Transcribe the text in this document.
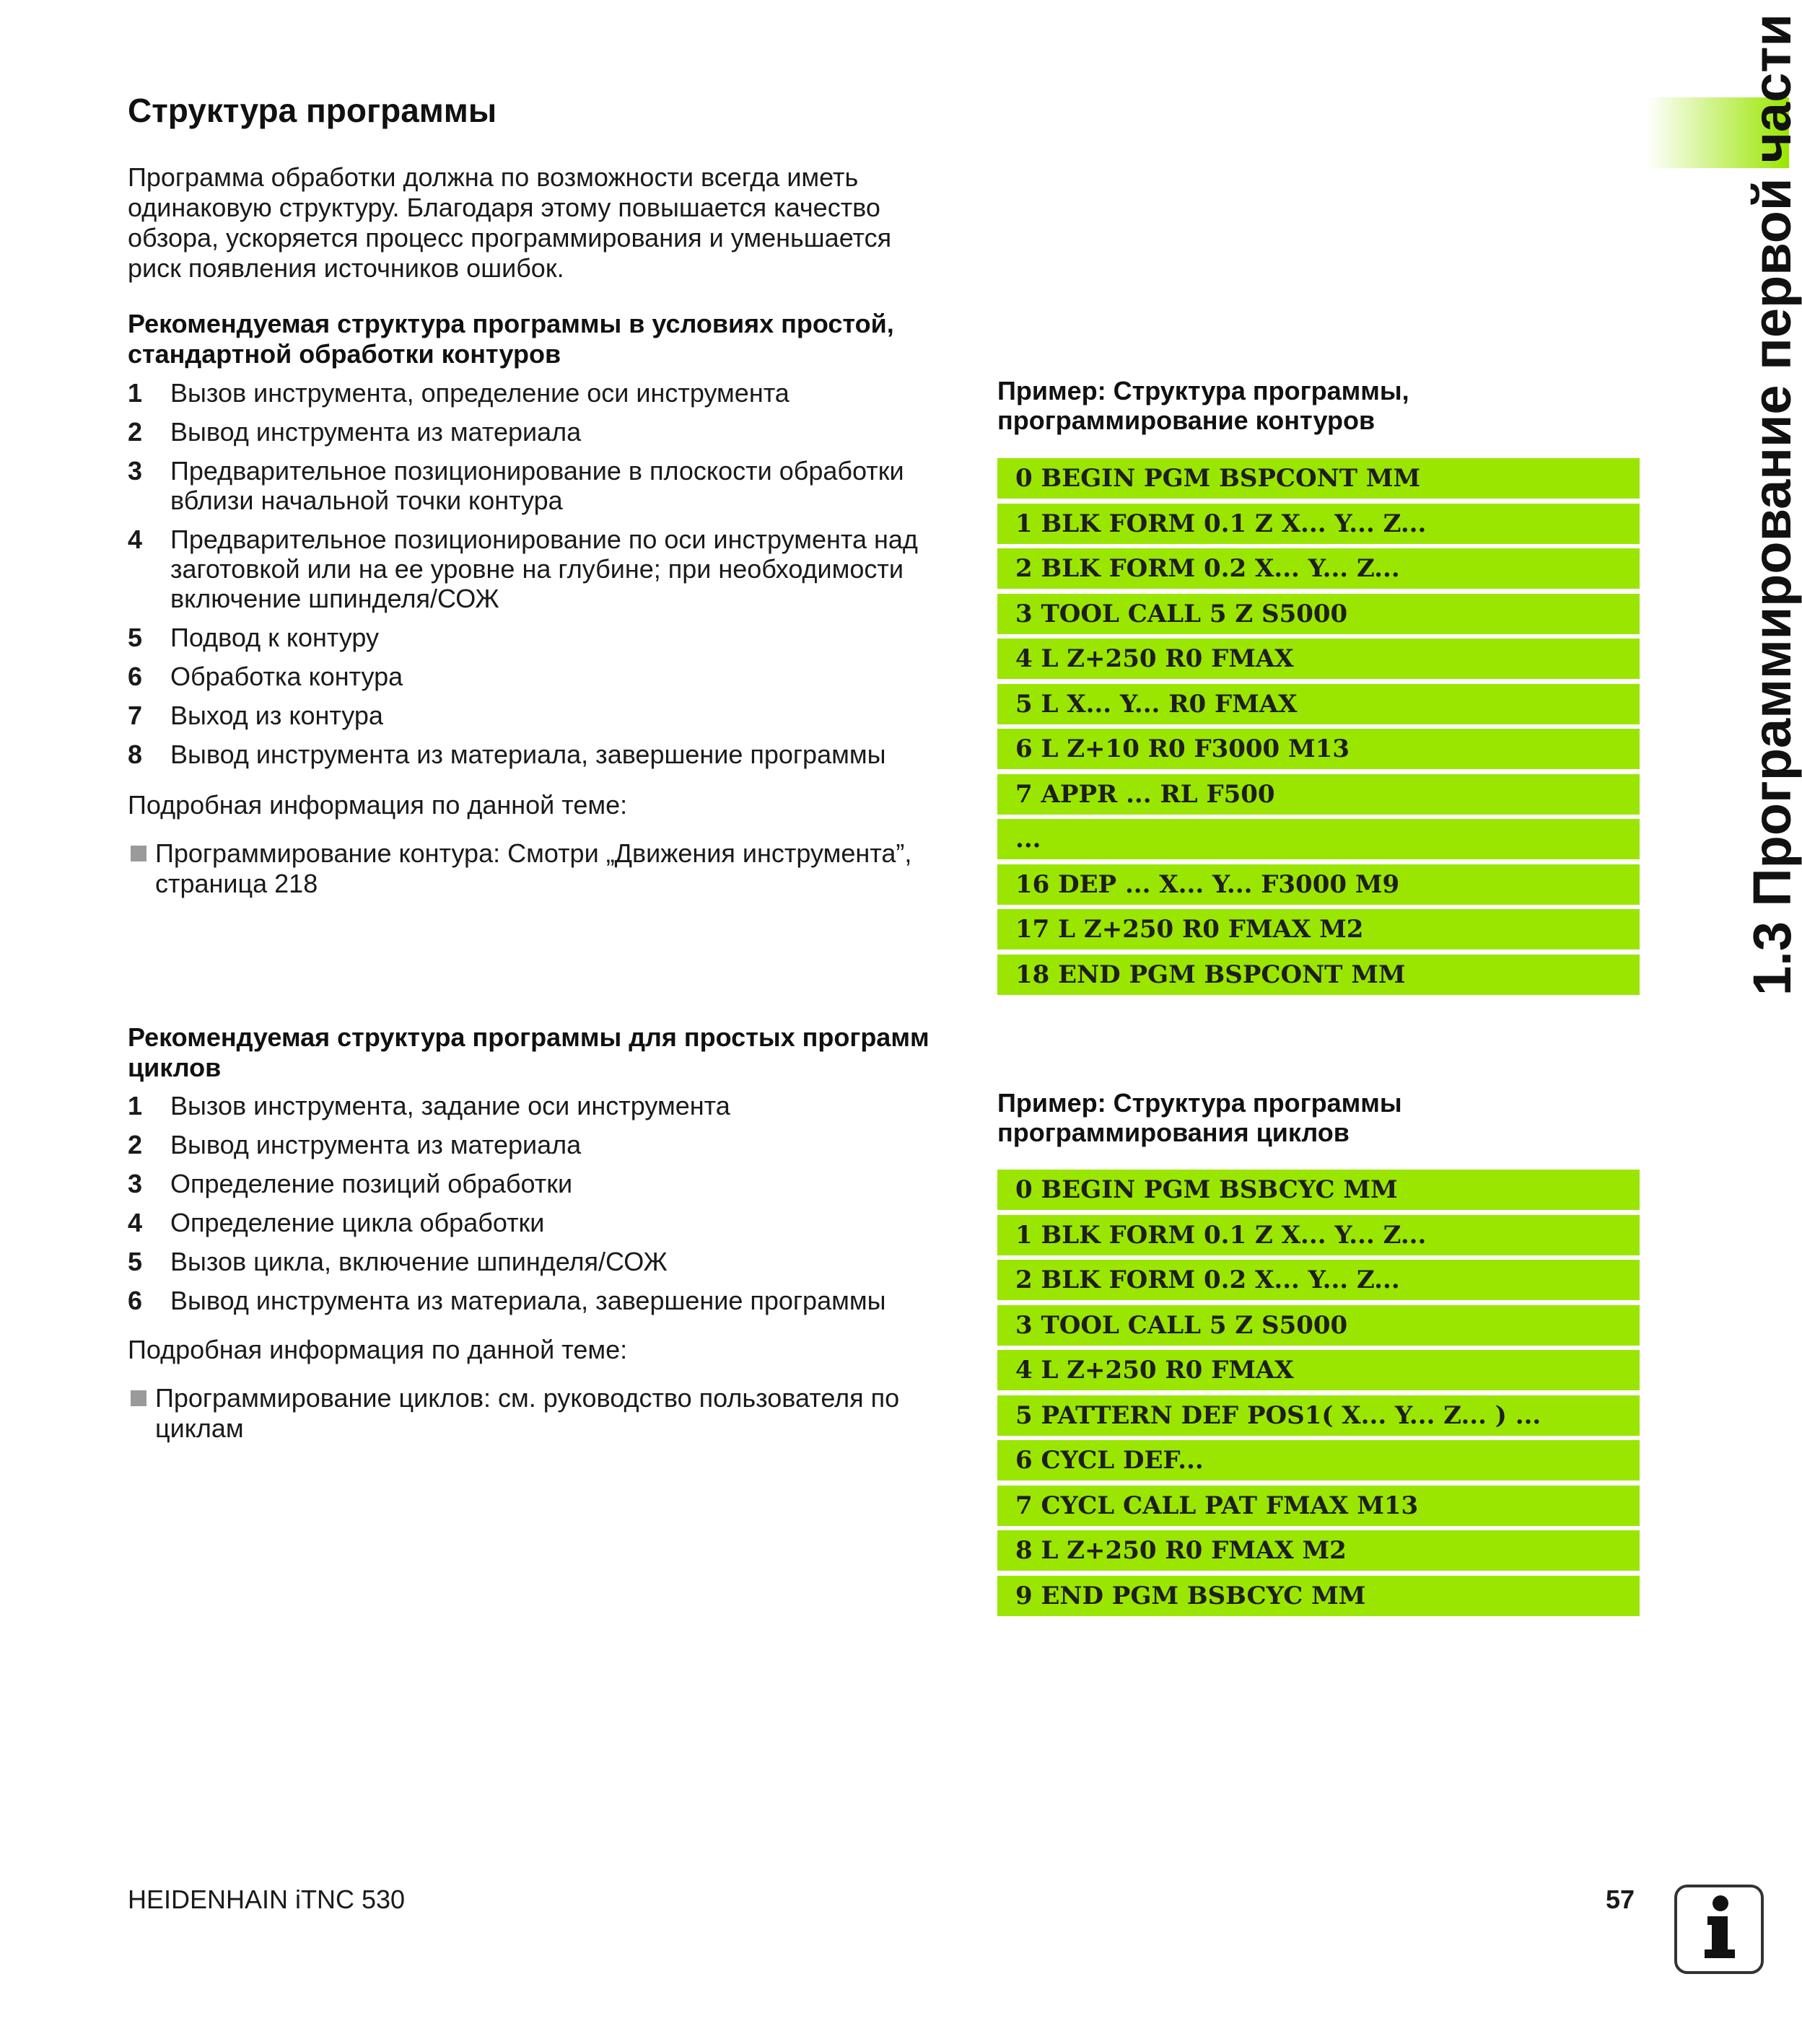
Структура программы
Программа обработки должна по возможности всегда иметь одинаковую структуру. Благодаря этому повышается качество обзора, ускоряется процесс программирования и уменьшается риск появления источников ошибок.
Рекомендуемая структура программы в условиях простой, стандартной обработки контуров
1	Вызов инструмента, определение оси инструмента
2	Вывод инструмента из материала
3	Предварительное позиционирование в плоскости обработки вблизи начальной точки контура
4	Предварительное позиционирование по оси инструмента над заготовкой или на ее уровне на глубине; при необходимости включение шпинделя/СОЖ
5	Подвод к контуру
6	Обработка контура
7	Выход из контура
8	Вывод инструмента из материала, завершение программы
Подробная информация по данной теме:
Программирование контура: Смотри „Движения инструмента”, страница 218
Пример: Структура программы, программирование контуров
0 BEGIN PGM BSPCONT MM
1 BLK FORM 0.1 Z X... Y... Z...
2 BLK FORM 0.2 X... Y... Z...
3 TOOL CALL 5 Z S5000
4 L Z+250 R0 FMAX
5 L X... Y... R0 FMAX
6 L Z+10 R0 F3000 M13
7 APPR ... RL F500
...
16 DEP ... X... Y... F3000 M9
17 L Z+250 R0 FMAX M2
18 END PGM BSPCONT MM
Рекомендуемая структура программы для простых программ циклов
1	Вызов инструмента, задание оси инструмента
2	Вывод инструмента из материала
3	Определение позиций обработки
4	Определение цикла обработки
5	Вызов цикла, включение шпинделя/СОЖ
6	Вывод инструмента из материала, завершение программы
Подробная информация по данной теме:
Программирование циклов: см. руководство пользователя по циклам
Пример: Структура программы программирования циклов
0 BEGIN PGM BSBCYC MM
1 BLK FORM 0.1 Z X... Y... Z...
2 BLK FORM 0.2 X... Y... Z...
3 TOOL CALL 5 Z S5000
4 L Z+250 R0 FMAX
5 PATTERN DEF POS1( X... Y... Z... ) ...
6 CYCL DEF...
7 CYCL CALL PAT FMAX M13
8 L Z+250 R0 FMAX M2
9 END PGM BSBCYC MM
1.3 Программирование первой части
HEIDENHAIN iTNC 530	57
